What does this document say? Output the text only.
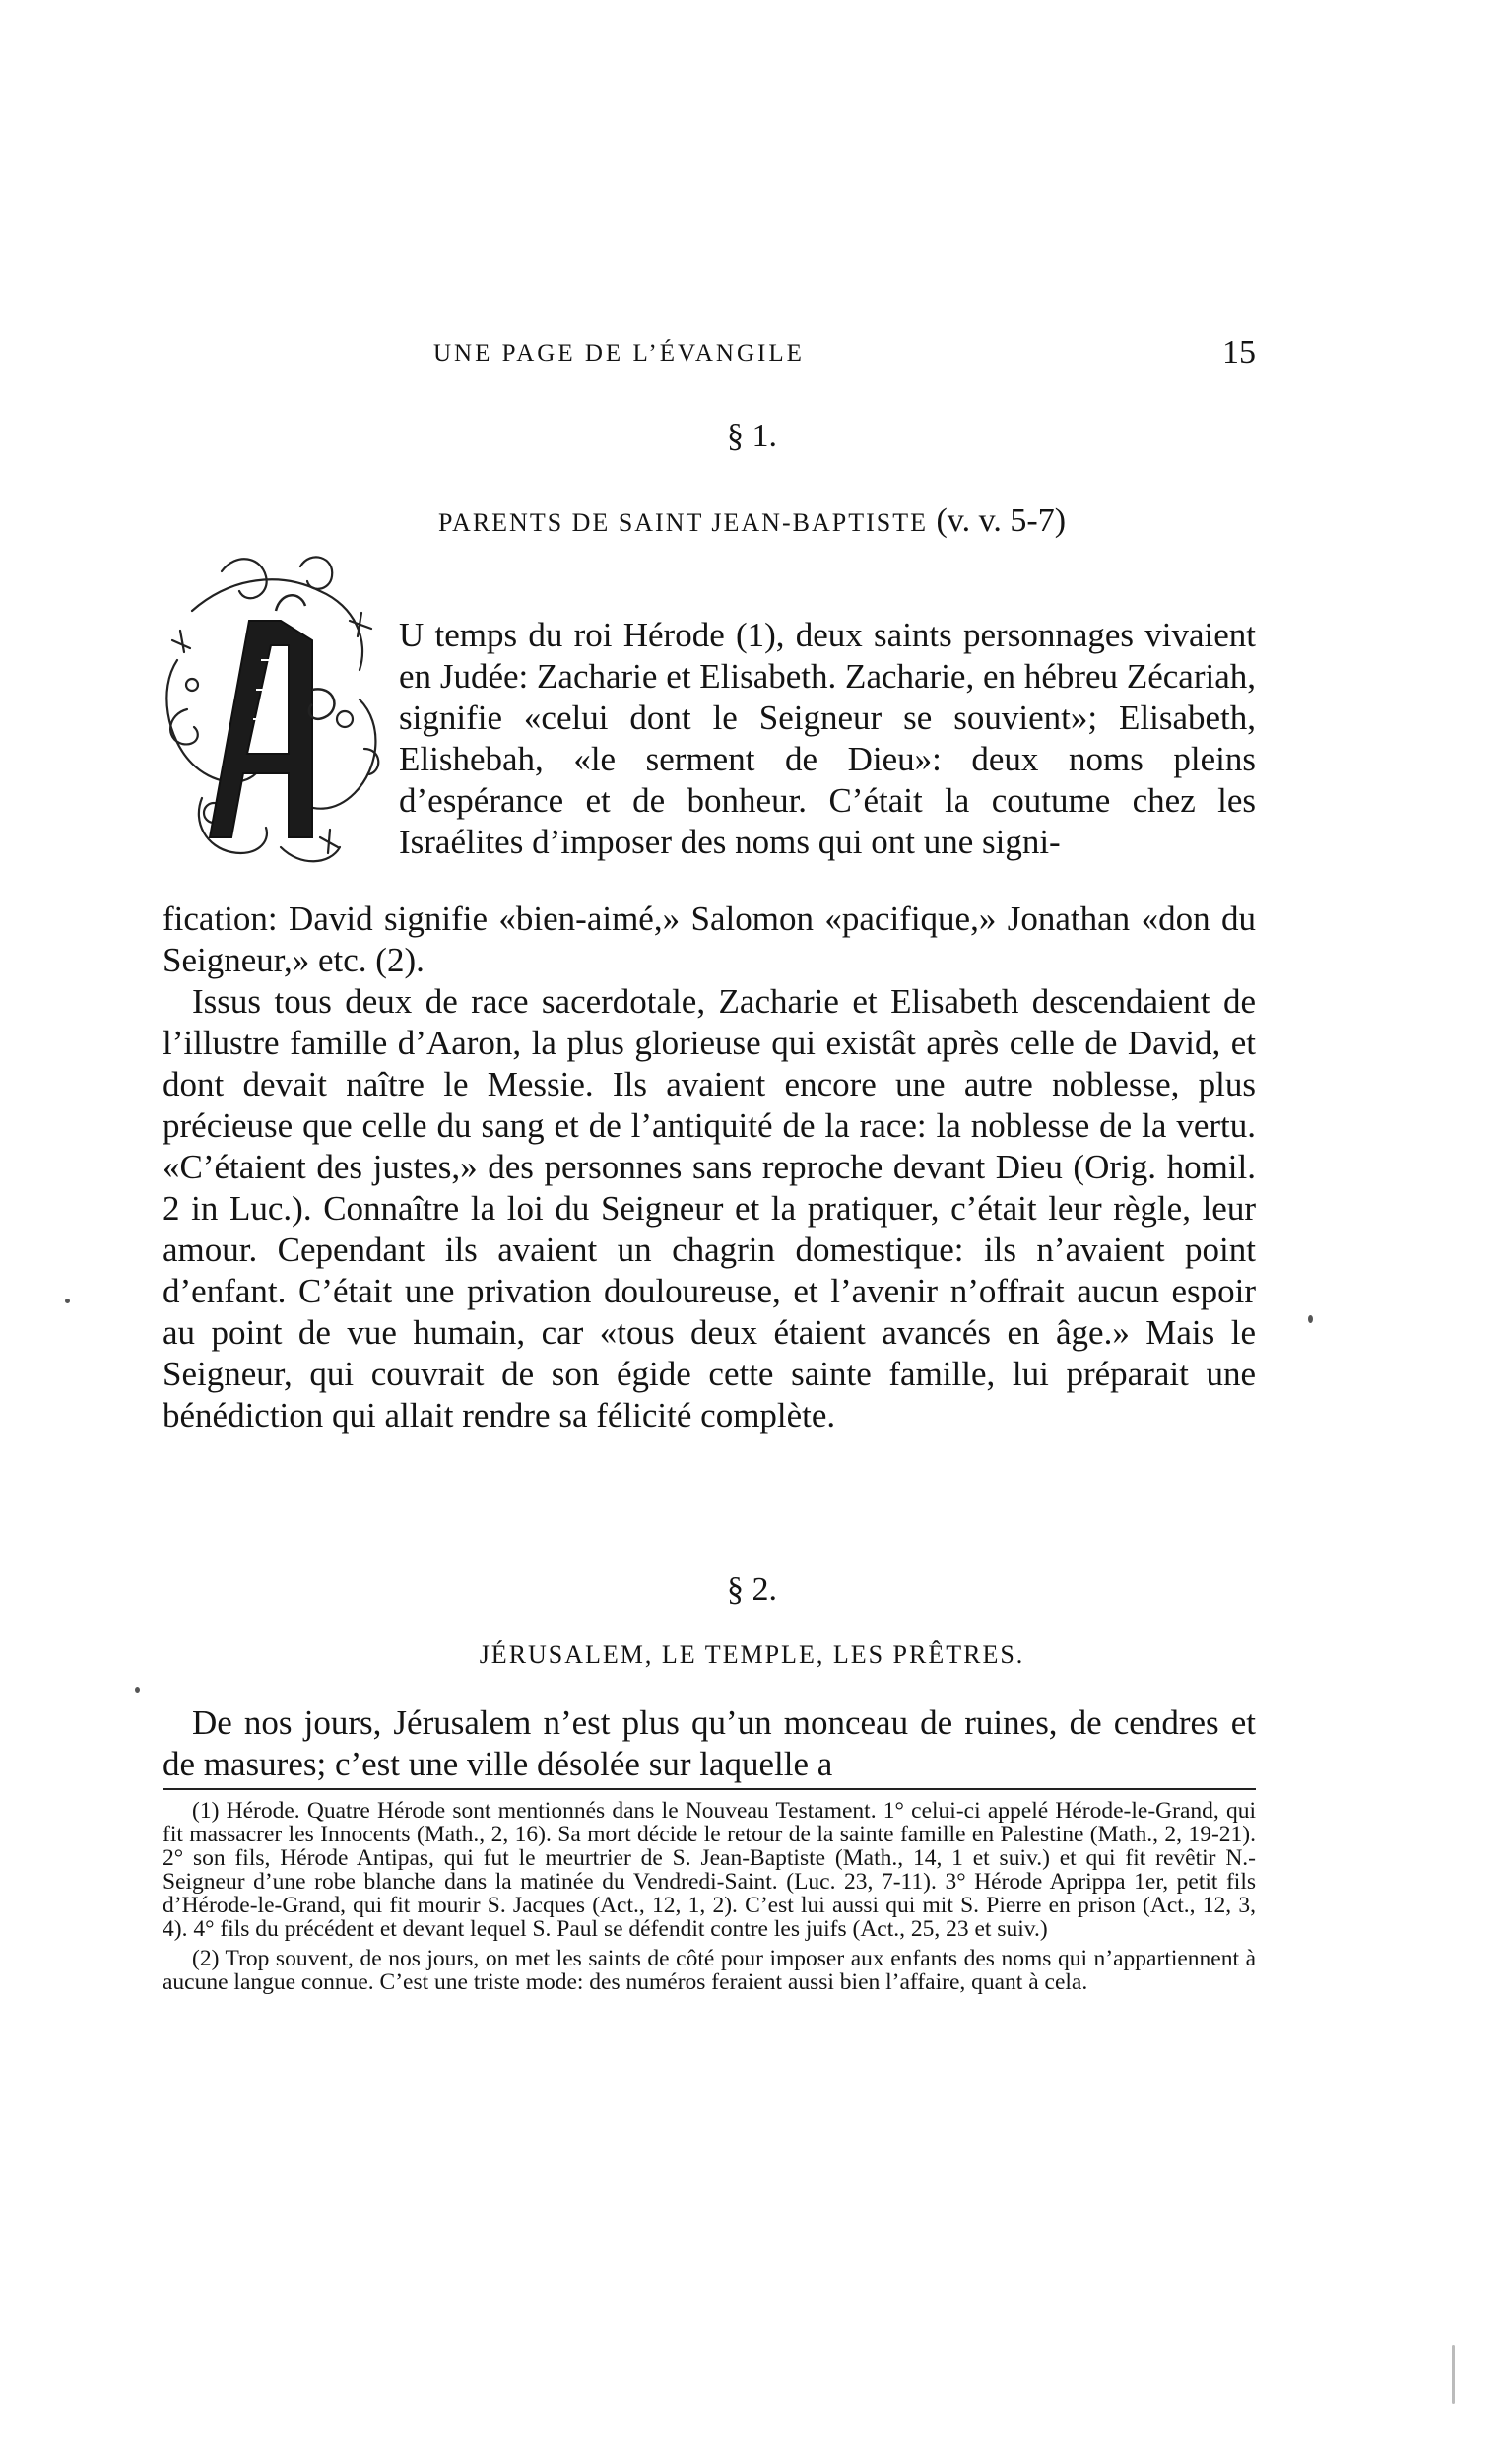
UNE PAGE DE L’ÉVANGILE	15
§ 1.
PARENTS DE SAINT JEAN-BAPTISTE (v. v. 5-7)
U temps du roi Hérode (1), deux saints personnages vivaient en Judée: Zacharie et Elisabeth. Zacharie, en hébreu Zécariah, signifie «celui dont le Seigneur se souvient»; Elisabeth, Elishebah, «le serment de Dieu»: deux noms pleins d’espérance et de bonheur. C’était la coutume chez les Israélites d’imposer des noms qui ont une signi-
fication: David signifie «bien-aimé,» Salomon «pacifique,» Jonathan «don du Seigneur,» etc. (2).
Issus tous deux de race sacerdotale, Zacharie et Elisabeth descendaient de l’illustre famille d’Aaron, la plus glorieuse qui existât après celle de David, et dont devait naître le Messie. Ils avaient encore une autre noblesse, plus précieuse que celle du sang et de l’antiquité de la race: la noblesse de la vertu. «C’étaient des justes,» des personnes sans reproche devant Dieu (Orig. homil. 2 in Luc.). Connaître la loi du Seigneur et la pratiquer, c’était leur règle, leur amour. Cependant ils avaient un chagrin domestique: ils n’avaient point d’enfant. C’était une privation douloureuse, et l’avenir n’offrait aucun espoir au point de vue humain, car «tous deux étaient avancés en âge.» Mais le Seigneur, qui couvrait de son égide cette sainte famille, lui préparait une bénédiction qui allait rendre sa félicité complète.
§ 2.
JÉRUSALEM, LE TEMPLE, LES PRÊTRES.
De nos jours, Jérusalem n’est plus qu’un monceau de ruines, de cendres et de masures; c’est une ville désolée sur laquelle a

(1) Hérode. Quatre Hérode sont mentionnés dans le Nouveau Testament. 1° celui-ci appelé Hérode-le-Grand, qui fit massacrer les Innocents (Math., 2, 16). Sa mort décide le retour de la sainte famille en Palestine (Math., 2, 19-21). 2° son fils, Hérode Antipas, qui fut le meurtrier de S. Jean-Baptiste (Math., 14, 1 et suiv.) et qui fit revêtir N.-Seigneur d’une robe blanche dans la matinée du Vendredi-Saint. (Luc. 23, 7-11). 3° Hérode Aprippa 1er, petit fils d’Hérode-le-Grand, qui fit mourir S. Jacques (Act., 12, 1, 2). C’est lui aussi qui mit S. Pierre en prison (Act., 12, 3, 4). 4° fils du précédent et devant lequel S. Paul se défendit contre les juifs (Act., 25, 23 et suiv.)

(2) Trop souvent, de nos jours, on met les saints de côté pour imposer aux enfants des noms qui n’appartiennent à aucune langue connue. C’est une triste mode: des numéros feraient aussi bien l’affaire, quant à cela.
